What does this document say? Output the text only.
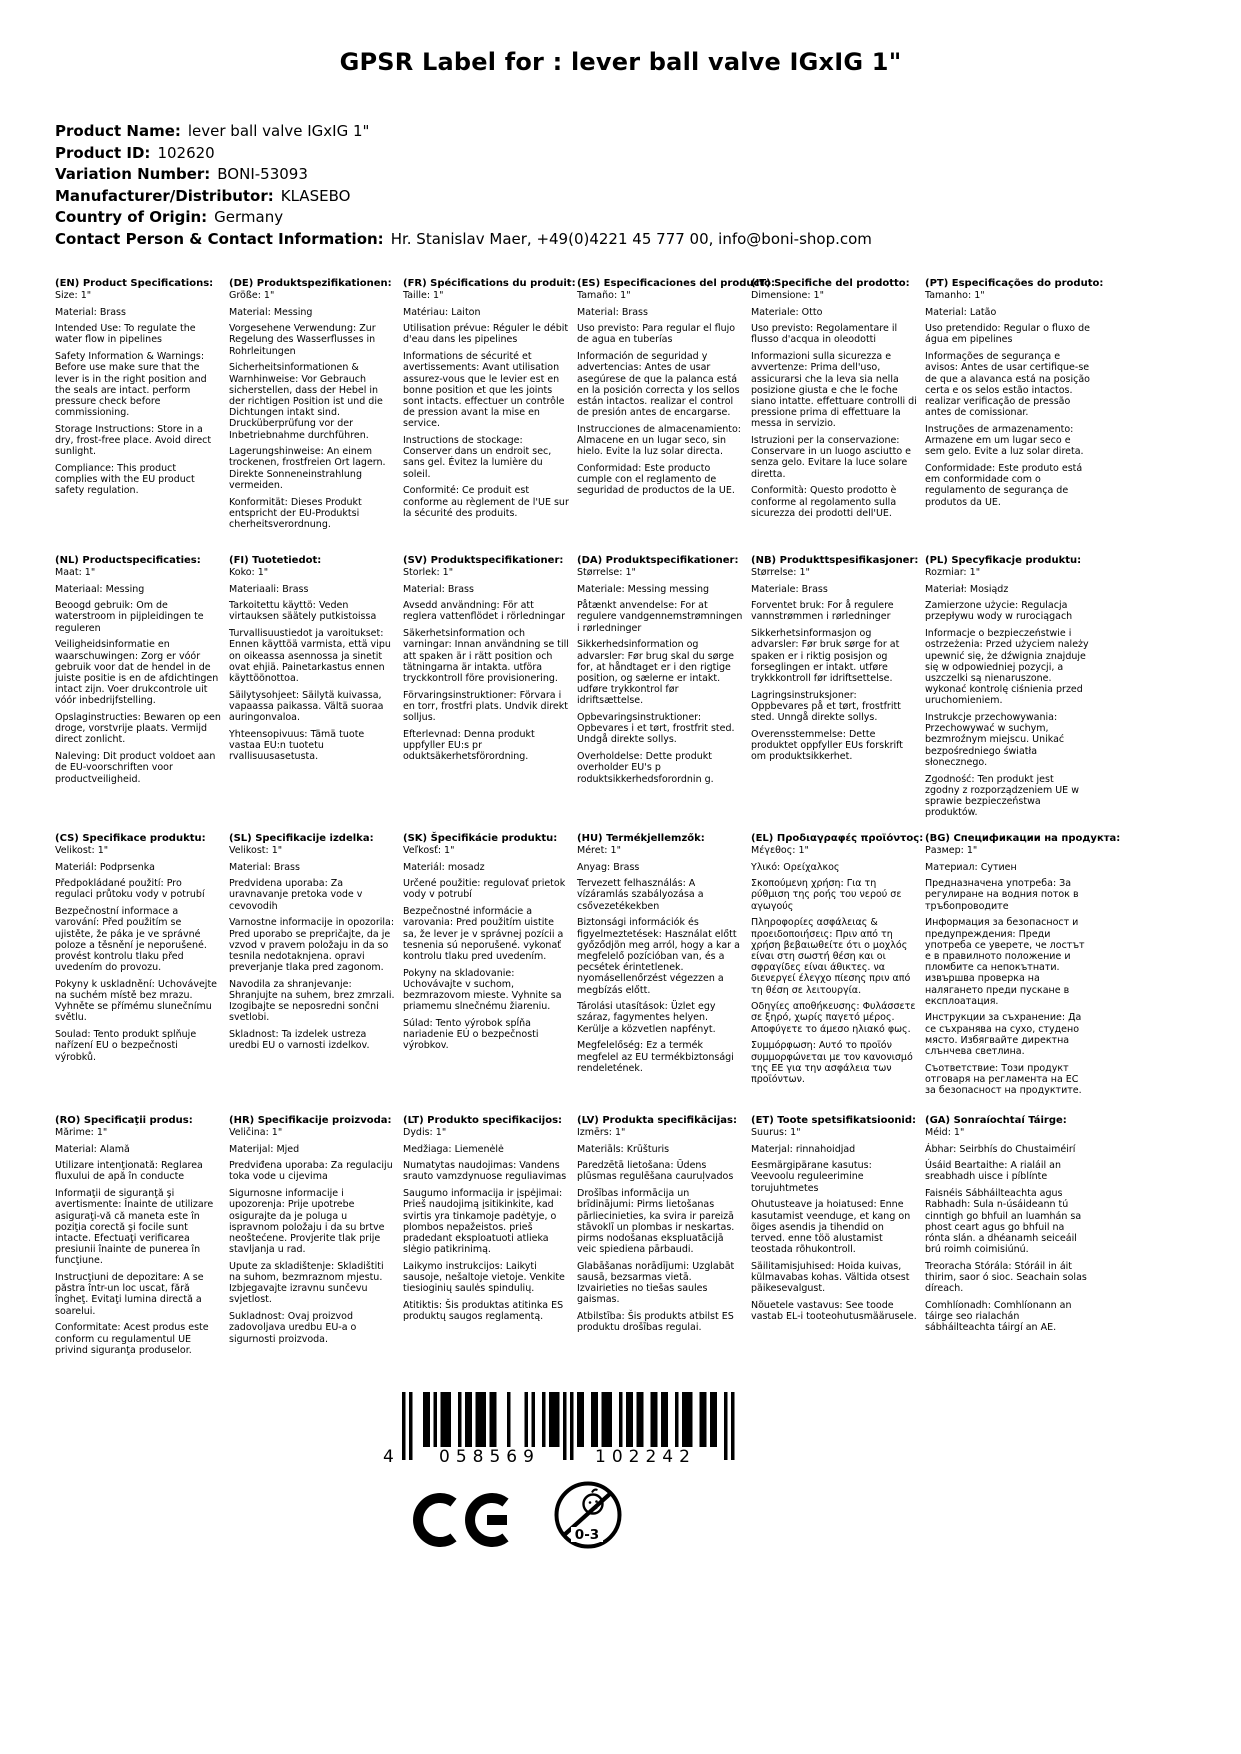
GPSR Label for : lever ball valve IGxIG 1"
Product Name: lever ball valve IGxIG 1"
Product ID: 102620
Variation Number: BONI-53093
Manufacturer/Distributor: KLASEBO
Country of Origin: Germany
Contact Person & Contact Information: Hr. Stanislav Maer, +49(0)4221 45 777 00, info@boni-shop.com
(EN) Product Specifications:

Size: 1"

Material: Brass

Intended Use: To regulate the water flow in pipelines

Safety Information & Warnings: Before use make sure that the lever is in the right position and the seals are intact. perform pressure check before commissioning.

Storage Instructions: Store in a dry, frost-free place. Avoid direct sunlight.

Compliance: This product complies with the EU product safety regulation.

(DE) Produktspezifikationen:

Größe: 1"

Material: Messing

Vorgesehene Verwendung: Zur Regelung des Wasserflusses in Rohrleitungen

Sicherheitsinformationen & Warnhinweise: Vor Gebrauch sicherstellen, dass der Hebel in der richtigen Position ist und die Dichtungen intakt sind. Drucküberprüfung vor der Inbetriebnahme durchführen.

Lagerungshinweise: An einem trockenen, frostfreien Ort lagern. Direkte Sonneneinstrahlung vermeiden.

Konformität: Dieses Produkt entspricht der EU-Produktsi cherheitsverordnung.

(FR) Spécifications du produit:

Taille: 1"

Matériau: Laiton

Utilisation prévue: Réguler le débit d'eau dans les pipelines

Informations de sécurité et avertissements: Avant utilisation assurez-vous que le levier est en bonne position et que les joints sont intacts. effectuer un contrôle de pression avant la mise en service.

Instructions de stockage: Conserver dans un endroit sec, sans gel. Évitez la lumière du soleil.

Conformité: Ce produit est conforme au règlement de l'UE sur la sécurité des produits.

(ES) Especificaciones del producto:

Tamaño: 1"

Material: Brass

Uso previsto: Para regular el flujo de agua en tuberías

Información de seguridad y advertencias: Antes de usar asegúrese de que la palanca está en la posición correcta y los sellos están intactos. realizar el control de presión antes de encargarse.

Instrucciones de almacenamiento: Almacene en un lugar seco, sin hielo. Evite la luz solar directa.

Conformidad: Este producto cumple con el reglamento de seguridad de productos de la UE.

(IT) Specifiche del prodotto:

Dimensione: 1"

Materiale: Otto

Uso previsto: Regolamentare il flusso d'acqua in oleodotti

Informazioni sulla sicurezza e avvertenze: Prima dell'uso, assicurarsi che la leva sia nella posizione giusta e che le foche siano intatte. effettuare controlli di pressione prima di effettuare la messa in servizio.

Istruzioni per la conservazione: Conservare in un luogo asciutto e senza gelo. Evitare la luce solare diretta.

Conformità: Questo prodotto è conforme al regolamento sulla sicurezza dei prodotti dell'UE.

(PT) Especificações do produto:

Tamanho: 1"

Material: Latão

Uso pretendido: Regular o fluxo de água em pipelines

Informações de segurança e avisos: Antes de usar certifique-se de que a alavanca está na posição certa e os selos estão intactos. realizar verificação de pressão antes de comissionar.

Instruções de armazenamento: Armazene em um lugar seco e sem gelo. Evite a luz solar direta.

Conformidade: Este produto está em conformidade com o regulamento de segurança de produtos da UE.

(NL) Productspecificaties:

Maat: 1"

Materiaal: Messing

Beoogd gebruik: Om de waterstroom in pijpleidingen te reguleren

Veiligheidsinformatie en waarschuwingen: Zorg er vóór gebruik voor dat de hendel in de juiste positie is en de afdichtingen intact zijn. Voer drukcontrole uit vóór inbedrijfstelling.

Opslaginstructies: Bewaren op een droge, vorstvrije plaats. Vermijd direct zonlicht.

Naleving: Dit product voldoet aan de EU-voorschriften voor productveiligheid.

(FI) Tuotetiedot:

Koko: 1"

Materiaali: Brass

Tarkoitettu käyttö: Veden virtauksen säätely putkistoissa

Turvallisuustiedot ja varoitukset: Ennen käyttöä varmista, että vipu on oikeassa asennossa ja sinetit ovat ehjiä. Painetarkastus ennen käyttöönottoa.

Säilytysohjeet: Säilytä kuivassa, vapaassa paikassa. Vältä suoraa auringonvaloa.

Yhteensopivuus: Tämä tuote vastaa EU:n tuotetu rvallisuusasetusta.

(SV) Produktspecifikationer:

Storlek: 1"

Material: Brass

Avsedd användning: För att reglera vattenflödet i rörledningar

Säkerhetsinformation och varningar: Innan användning se till att spaken är i rätt position och tätningarna är intakta. utföra tryckkontroll före provisionering.

Förvaringsinstruktioner: Förvara i en torr, frostfri plats. Undvik direkt solljus.

Efterlevnad: Denna produkt uppfyller EU:s pr oduktsäkerhetsförordning.

(DA) Produktspecifikationer:

Størrelse: 1"

Materiale: Messing messing

Påtænkt anvendelse: For at regulere vandgennemstrømningen i rørledninger

Sikkerhedsinformation og advarsler: Før brug skal du sørge for, at håndtaget er i den rigtige position, og sælerne er intakt. udføre trykkontrol før idriftsættelse.

Opbevaringsinstruktioner: Opbevares i et tørt, frostfrit sted. Undgå direkte sollys.

Overholdelse: Dette produkt overholder EU's p roduktsikkerhedsforordnin g.

(NB) Produkttspesifikasjoner:

Størrelse: 1"

Materiale: Brass

Forventet bruk: For å regulere vannstrømmen i rørledninger

Sikkerhetsinformasjon og advarsler: Før bruk sørge for at spaken er i riktig posisjon og forseglingen er intakt. utføre trykkkontroll før idriftsettelse.

Lagringsinstruksjoner: Oppbevares på et tørt, frostfritt sted. Unngå direkte sollys.

Overensstemmelse: Dette produktet oppfyller EUs forskrift om produktsikkerhet.

(PL) Specyfikacje produktu:

Rozmiar: 1"

Materiał: Mosiądz

Zamierzone użycie: Regulacja przepływu wody w rurociągach

Informacje o bezpieczeństwie i ostrzeżenia: Przed użyciem należy upewnić się, że dźwignia znajduje się w odpowiedniej pozycji, a uszczelki są nienaruszone. wykonać kontrolę ciśnienia przed uruchomieniem.

Instrukcje przechowywania: Przechowywać w suchym, bezmroźnym miejscu. Unikać bezpośredniego światła słonecznego.

Zgodność: Ten produkt jest zgodny z rozporządzeniem UE w sprawie bezpieczeństwa produktów.

(CS) Specifikace produktu:

Velikost: 1"

Materiál: Podprsenka

Předpokládané použití: Pro regulaci průtoku vody v potrubí

Bezpečnostní informace a varování: Před použitím se ujistěte, že páka je ve správné poloze a těsnění je neporušené. provést kontrolu tlaku před uvedením do provozu.

Pokyny k uskladnění: Uchovávejte na suchém místě bez mrazu. Vyhněte se přímému slunečnímu světlu.

Soulad: Tento produkt splňuje nařízení EU o bezpečnosti výrobků.

(SL) Specifikacije izdelka:

Velikost: 1"

Material: Brass

Predvidena uporaba: Za uravnavanje pretoka vode v cevovodih

Varnostne informacije in opozorila: Pred uporabo se prepričajte, da je vzvod v pravem položaju in da so tesnila nedotaknjena. opravi preverjanje tlaka pred zagonom.

Navodila za shranjevanje: Shranjujte na suhem, brez zmrzali. Izogibajte se neposredni sončni svetlobi.

Skladnost: Ta izdelek ustreza uredbi EU o varnosti izdelkov.

(SK) Špecifikácie produktu:

Veľkosť: 1"

Materiál: mosadz

Určené použitie: regulovať prietok vody v potrubí

Bezpečnostné informácie a varovania: Pred použitím uistite sa, že lever je v správnej pozícii a tesnenia sú neporušené. vykonať kontrolu tlaku pred uvedením.

Pokyny na skladovanie: Uchovávajte v suchom, bezmrazovom mieste. Vyhnite sa priamemu slnečnému žiareniu.

Súlad: Tento výrobok spĺňa nariadenie EÚ o bezpečnosti výrobkov.

(HU) Termékjellemzők:

Méret: 1"

Anyag: Brass

Tervezett felhasználás: A vízáramlás szabályozása a csővezetékekben

Biztonsági információk és figyelmeztetések: Használat előtt győződjön meg arról, hogy a kar a megfelelő pozícióban van, és a pecsétek érintetlenek. nyomásellenőrzést végezzen a megbízás előtt.

Tárolási utasítások: Üzlet egy száraz, fagymentes helyen. Kerülje a közvetlen napfényt.

Megfelelőség: Ez a termék megfelel az EU termékbiztonsági rendeletének.

(EL) Προδιαγραφές προϊόντος:

Μέγεθος: 1"

Υλικό: Ορείχαλκος

Σκοπούμενη χρήση: Για τη ρύθμιση της ροής του νερού σε αγωγούς

Πληροφορίες ασφάλειας & προειδοποιήσεις: Πριν από τη χρήση βεβαιωθείτε ότι ο μοχλός είναι στη σωστή θέση και οι σφραγίδες είναι άθικτες. να διενεργεί έλεγχο πίεσης πριν από τη θέση σε λειτουργία.

Οδηγίες αποθήκευσης: Φυλάσσετε σε ξηρό, χωρίς παγετό μέρος. Αποφύγετε το άμεσο ηλιακό φως.

Συμμόρφωση: Αυτό το προϊόν συμμορφώνεται με τον κανονισμό της ΕΕ για την ασφάλεια των προϊόντων.

(BG) Спецификации на продукта:

Размер: 1"

Материал: Сутиен

Предназначена употреба: За регулиране на водния поток в тръбопроводите

Информация за безопасност и предупреждения: Преди употреба се уверете, че лостът е в правилното положение и пломбите са непокътнати. извършва проверка на налягането преди пускане в експлоатация.

Инструкции за съхранение: Да се съхранява на сухо, студено място. Избягвайте директна слънчева светлина.

Съответствие: Този продукт отговаря на регламента на ЕС за безопасност на продуктите.

(RO) Specificaţii produs:

Mărime: 1"

Material: Alamă

Utilizare intenţionată: Reglarea fluxului de apă în conducte

Informaţii de siguranţă şi avertismente: Înainte de utilizare asiguraţi-vă că maneta este în poziţia corectă şi focile sunt intacte. Efectuaţi verificarea presiunii înainte de punerea în funcţiune.

Instrucţiuni de depozitare: A se păstra într-un loc uscat, fără îngheţ. Evitaţi lumina directă a soarelui.

Conformitate: Acest produs este conform cu regulamentul UE privind siguranţa produselor.

(HR) Specifikacije proizvoda:

Veličina: 1"

Materijal: Mjed

Predviđena uporaba: Za regulaciju toka vode u cijevima

Sigurnosne informacije i upozorenja: Prije upotrebe osigurajte da je poluga u ispravnom položaju i da su brtve neoštećene. Provjerite tlak prije stavljanja u rad.

Upute za skladištenje: Skladištiti na suhom, bezmraznom mjestu. Izbjegavajte izravnu sunčevu svjetlost.

Sukladnost: Ovaj proizvod zadovoljava uredbu EU-a o sigurnosti proizvoda.

(LT) Produkto specifikacijos:

Dydis: 1"

Medžiaga: Liemenėlė

Numatytas naudojimas: Vandens srauto vamzdynuose reguliavimas

Saugumo informacija ir įspėjimai: Prieš naudojimą įsitikinkite, kad svirtis yra tinkamoje padėtyje, o plombos nepažeistos. prieš pradedant eksploatuoti atlieka slėgio patikrinimą.

Laikymo instrukcijos: Laikyti sausoje, nešaltoje vietoje. Venkite tiesioginių saulės spindulių.

Atitiktis: Šis produktas atitinka ES produktų saugos reglamentą.

(LV) Produkta specifikācijas:

Izmērs: 1"

Materiāls: Krūšturis

Paredzētā lietošana: Ūdens plūsmas regulēšana cauruļvados

Drošības informācija un brīdinājumi: Pirms lietošanas pārliecinieties, ka svira ir pareizā stāvoklī un plombas ir neskartas. pirms nodošanas ekspluatācijā veic spiediena pārbaudi.

Glabāšanas norādījumi: Uzglabāt sausā, bezsarmas vietā. Izvairieties no tiešas saules gaismas.

Atbilstība: Šis produkts atbilst ES produktu drošības regulai.

(ET) Toote spetsifikatsioonid:

Suurus: 1"

Materjal: rinnahoidjad

Eesmärgipärane kasutus: Veevoolu reguleerimine torujuhtmetes

Ohutusteave ja hoiatused: Enne kasutamist veenduge, et kang on õiges asendis ja tihendid on terved. enne töö alustamist teostada rõhukontroll.

Säilitamisjuhised: Hoida kuivas, külmavabas kohas. Vältida otsest päikesevalgust.

Nõuetele vastavus: See toode vastab EL-i tooteohutusmäärusele.

(GA) Sonraíochtaí Táirge:

Méid: 1"

Ábhar: Seirbhís do Chustaiméirí

Úsáid Beartaithe: A rialáil an sreabhadh uisce i píblínte

Faisnéis Sábháilteachta agus Rabhadh: Sula n-úsáideann tú cinntigh go bhfuil an luamhán sa phost ceart agus go bhfuil na rónta slán. a dhéanamh seiceáil brú roimh coimisiúnú.

Treoracha Stórála: Stóráil in áit thirim, saor ó sioc. Seachain solas díreach.

Comhlíonadh: Comhlíonann an táirge seo rialachán sábháilteachta táirgí an AE.

4	058569	102242
0-3
